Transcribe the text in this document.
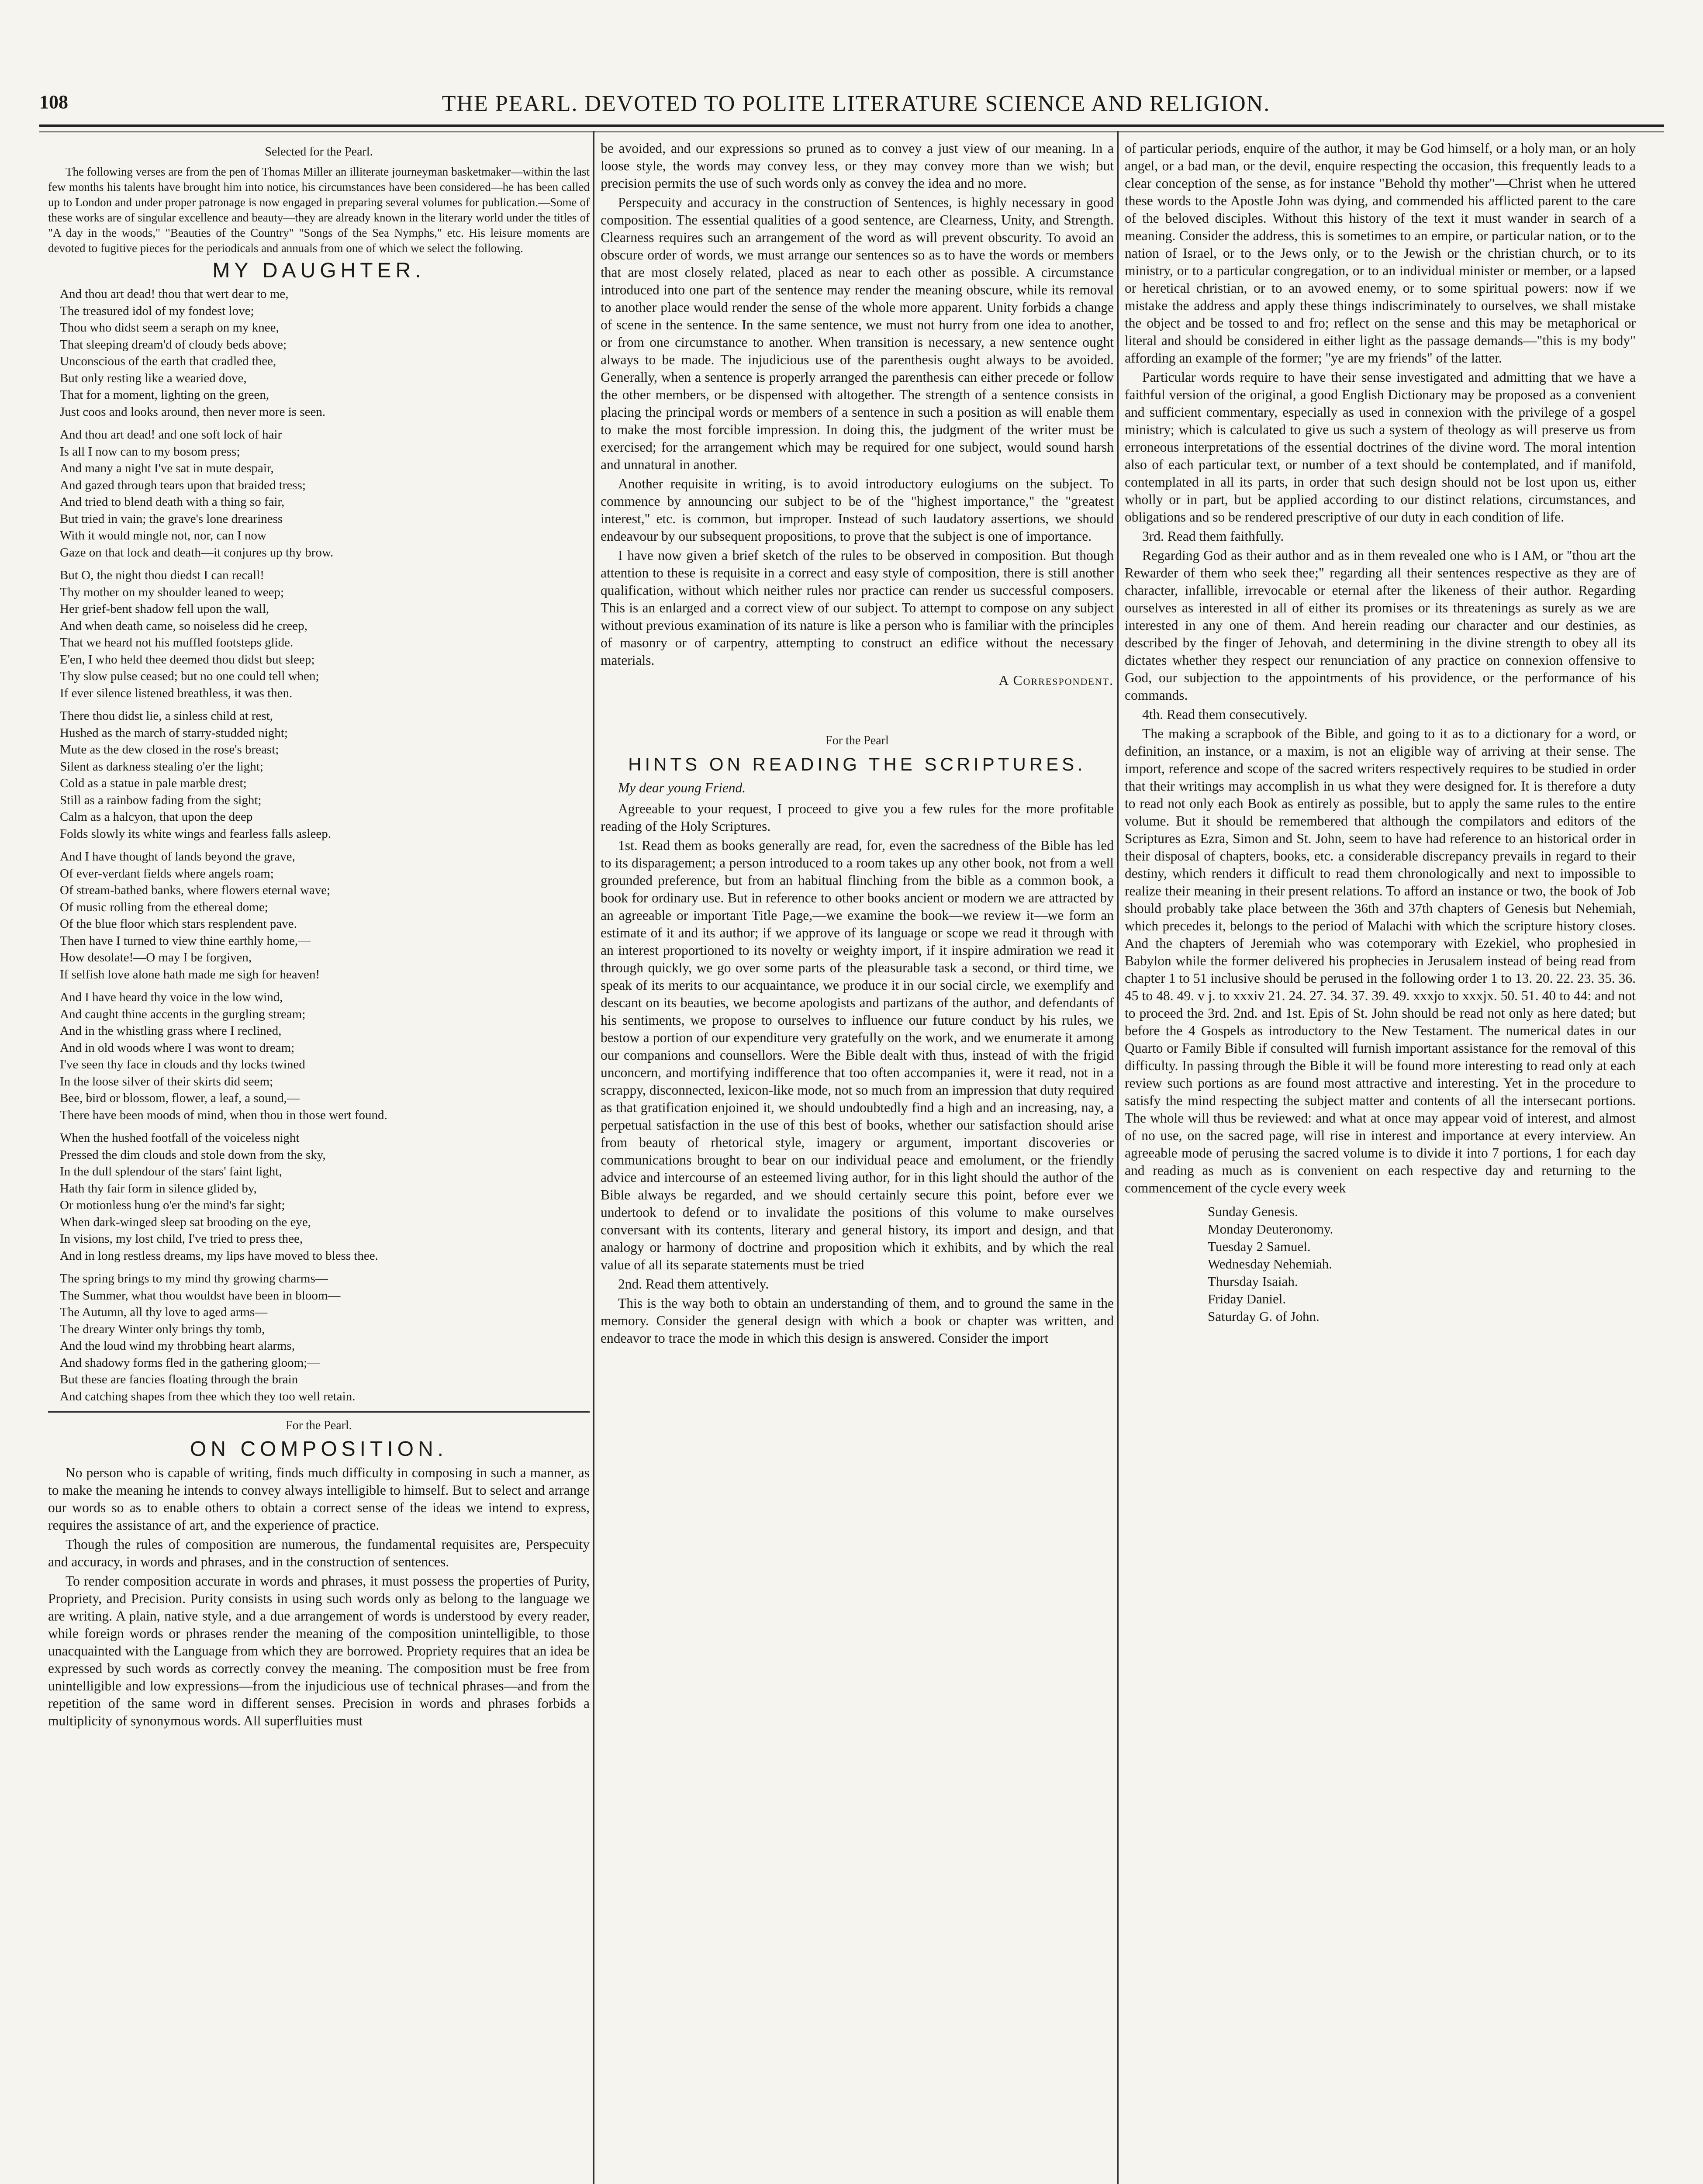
108	THE PEARL. DEVOTED TO POLITE LITERATURE SCIENCE AND RELIGION.
Selected for the Pearl.

The following verses are from the pen of Thomas Miller an illiterate journeyman basketmaker—within the last few months his talents have brought him into notice, his circumstances have been considered—he has been called up to London and under proper patronage is now engaged in preparing several volumes for publication.—Some of these works are of singular excellence and beauty—they are already known in the literary world under the titles of "A day in the woods," "Beauties of the Country" "Songs of the Sea Nymphs," etc. His leisure moments are devoted to fugitive pieces for the periodicals and annuals from one of which we select the following.

MY DAUGHTER.

And thou art dead! thou that wert dear to me,

The treasured idol of my fondest love;

Thou who didst seem a seraph on my knee,

That sleeping dream'd of cloudy beds above;

Unconscious of the earth that cradled thee,

But only resting like a wearied dove,

That for a moment, lighting on the green,

Just coos and looks around, then never more is seen.

And thou art dead! and one soft lock of hair

Is all I now can to my bosom press;

And many a night I've sat in mute despair,

And gazed through tears upon that braided tress;

And tried to blend death with a thing so fair,

But tried in vain; the grave's lone dreariness

With it would mingle not, nor, can I now

Gaze on that lock and death—it conjures up thy brow.

But O, the night thou diedst I can recall!

Thy mother on my shoulder leaned to weep;

Her grief-bent shadow fell upon the wall,

And when death came, so noiseless did he creep,

That we heard not his muffled footsteps glide.

E'en, I who held thee deemed thou didst but sleep;

Thy slow pulse ceased; but no one could tell when;

If ever silence listened breathless, it was then.

There thou didst lie, a sinless child at rest,

Hushed as the march of starry-studded night;

Mute as the dew closed in the rose's breast;

Silent as darkness stealing o'er the light;

Cold as a statue in pale marble drest;

Still as a rainbow fading from the sight;

Calm as a halcyon, that upon the deep

Folds slowly its white wings and fearless falls asleep.

And I have thought of lands beyond the grave,

Of ever-verdant fields where angels roam;

Of stream-bathed banks, where flowers eternal wave;

Of music rolling from the ethereal dome;

Of the blue floor which stars resplendent pave.

Then have I turned to view thine earthly home,—

How desolate!—O may I be forgiven,

If selfish love alone hath made me sigh for heaven!

And I have heard thy voice in the low wind,

And caught thine accents in the gurgling stream;

And in the whistling grass where I reclined,

And in old woods where I was wont to dream;

I've seen thy face in clouds and thy locks twined

In the loose silver of their skirts did seem;

Bee, bird or blossom, flower, a leaf, a sound,—

There have been moods of mind, when thou in those wert found.

When the hushed footfall of the voiceless night

Pressed the dim clouds and stole down from the sky,

In the dull splendour of the stars' faint light,

Hath thy fair form in silence glided by,

Or motionless hung o'er the mind's far sight;

When dark-winged sleep sat brooding on the eye,

In visions, my lost child, I've tried to press thee,

And in long restless dreams, my lips have moved to bless thee.

The spring brings to my mind thy growing charms—

The Summer, what thou wouldst have been in bloom—

The Autumn, all thy love to aged arms—

The dreary Winter only brings thy tomb,

And the loud wind my throbbing heart alarms,

And shadowy forms fled in the gathering gloom;—

But these are fancies floating through the brain

And catching shapes from thee which they too well retain.

For the Pearl.
ON COMPOSITION.

No person who is capable of writing, finds much difficulty in composing in such a manner, as to make the meaning he intends to convey always intelligible to himself. But to select and arrange our words so as to enable others to obtain a correct sense of the ideas we intend to express, requires the assistance of art, and the experience of practice.

Though the rules of composition are numerous, the fundamental requisites are, Perspecuity and accuracy, in words and phrases, and in the construction of sentences.

To render composition accurate in words and phrases, it must possess the properties of Purity, Propriety, and Precision. Purity consists in using such words only as belong to the language we are writing. A plain, native style, and a due arrangement of words is understood by every reader, while foreign words or phrases render the meaning of the composition unintelligible, to those unacquainted with the Language from which they are borrowed. Propriety requires that an idea be expressed by such words as correctly convey the meaning. The composition must be free from unintelligible and low expressions—from the injudicious use of technical phrases—and from the repetition of the same word in different senses. Precision in words and phrases forbids a multiplicity of synonymous words. All superfluities must

be avoided, and our expressions so pruned as to convey a just view of our meaning. In a loose style, the words may convey less, or they may convey more than we wish; but precision permits the use of such words only as convey the idea and no more.

Perspecuity and accuracy in the construction of Sentences, is highly necessary in good composition. The essential qualities of a good sentence, are Clearness, Unity, and Strength. Clearness requires such an arrangement of the word as will prevent obscurity. To avoid an obscure order of words, we must arrange our sentences so as to have the words or members that are most closely related, placed as near to each other as possible. A circumstance introduced into one part of the sentence may render the meaning obscure, while its removal to another place would render the sense of the whole more apparent. Unity forbids a change of scene in the sentence. In the same sentence, we must not hurry from one idea to another, or from one circumstance to another. When transition is necessary, a new sentence ought always to be made. The injudicious use of the parenthesis ought always to be avoided. Generally, when a sentence is properly arranged the parenthesis can either precede or follow the other members, or be dispensed with altogether. The strength of a sentence consists in placing the principal words or members of a sentence in such a position as will enable them to make the most forcible impression. In doing this, the judgment of the writer must be exercised; for the arrangement which may be required for one subject, would sound harsh and unnatural in another.

Another requisite in writing, is to avoid introductory eulogiums on the subject. To commence by announcing our subject to be of the "highest importance," the "greatest interest," etc. is common, but improper. Instead of such laudatory assertions, we should endeavour by our subsequent propositions, to prove that the subject is one of importance.

I have now given a brief sketch of the rules to be observed in composition. But though attention to these is requisite in a correct and easy style of composition, there is still another qualification, without which neither rules nor practice can render us successful composers. This is an enlarged and a correct view of our subject. To attempt to compose on any subject without previous examination of its nature is like a person who is familiar with the principles of masonry or of carpentry, attempting to construct an edifice without the necessary materials.

A Correspondent.
For the Pearl
HINTS ON READING THE SCRIPTURES.

My dear young Friend.

Agreeable to your request, I proceed to give you a few rules for the more profitable reading of the Holy Scriptures.

1st. Read them as books generally are read, for, even the sacredness of the Bible has led to its disparagement; a person introduced to a room takes up any other book, not from a well grounded preference, but from an habitual flinching from the bible as a common book, a book for ordinary use. But in reference to other books ancient or modern we are attracted by an agreeable or important Title Page,—we examine the book—we review it—we form an estimate of it and its author; if we approve of its language or scope we read it through with an interest proportioned to its novelty or weighty import, if it inspire admiration we read it through quickly, we go over some parts of the pleasurable task a second, or third time, we speak of its merits to our acquaintance, we produce it in our social circle, we exemplify and descant on its beauties, we become apologists and partizans of the author, and defendants of his sentiments, we propose to ourselves to influence our future conduct by his rules, we bestow a portion of our expenditure very gratefully on the work, and we enumerate it among our companions and counsellors. Were the Bible dealt with thus, instead of with the frigid unconcern, and mortifying indifference that too often accompanies it, were it read, not in a scrappy, disconnected, lexicon-like mode, not so much from an impression that duty required as that gratification enjoined it, we should undoubtedly find a high and an increasing, nay, a perpetual satisfaction in the use of this best of books, whether our satisfaction should arise from beauty of rhetorical style, imagery or argument, important discoveries or communications brought to bear on our individual peace and emolument, or the friendly advice and intercourse of an esteemed living author, for in this light should the author of the Bible always be regarded, and we should certainly secure this point, before ever we undertook to defend or to invalidate the positions of this volume to make ourselves conversant with its contents, literary and general history, its import and design, and that analogy or harmony of doctrine and proposition which it exhibits, and by which the real value of all its separate statements must be tried

2nd. Read them attentively.

This is the way both to obtain an understanding of them, and to ground the same in the memory. Consider the general design with which a book or chapter was written, and endeavor to trace the mode in which this design is answered. Consider the import

of particular periods, enquire of the author, it may be God himself, or a holy man, or an holy angel, or a bad man, or the devil, enquire respecting the occasion, this frequently leads to a clear conception of the sense, as for instance "Behold thy mother"—Christ when he uttered these words to the Apostle John was dying, and commended his afflicted parent to the care of the beloved disciples. Without this history of the text it must wander in search of a meaning. Consider the address, this is sometimes to an empire, or particular nation, or to the nation of Israel, or to the Jews only, or to the Jewish or the christian church, or to its ministry, or to a particular congregation, or to an individual minister or member, or a lapsed or heretical christian, or to an avowed enemy, or to some spiritual powers: now if we mistake the address and apply these things indiscriminately to ourselves, we shall mistake the object and be tossed to and fro; reflect on the sense and this may be metaphorical or literal and should be considered in either light as the passage demands—"this is my body" affording an example of the former; "ye are my friends" of the latter.

Particular words require to have their sense investigated and admitting that we have a faithful version of the original, a good English Dictionary may be proposed as a convenient and sufficient commentary, especially as used in connexion with the privilege of a gospel ministry; which is calculated to give us such a system of theology as will preserve us from erroneous interpretations of the essential doctrines of the divine word. The moral intention also of each particular text, or number of a text should be contemplated, and if manifold, contemplated in all its parts, in order that such design should not be lost upon us, either wholly or in part, but be applied according to our distinct relations, circumstances, and obligations and so be rendered prescriptive of our duty in each condition of life.

3rd. Read them faithfully.

Regarding God as their author and as in them revealed one who is I AM, or "thou art the Rewarder of them who seek thee;" regarding all their sentences respective as they are of character, infallible, irrevocable or eternal after the likeness of their author. Regarding ourselves as interested in all of either its promises or its threatenings as surely as we are interested in any one of them. And herein reading our character and our destinies, as described by the finger of Jehovah, and determining in the divine strength to obey all its dictates whether they respect our renunciation of any practice on connexion offensive to God, our subjection to the appointments of his providence, or the performance of his commands.

4th. Read them consecutively.

The making a scrapbook of the Bible, and going to it as to a dictionary for a word, or definition, an instance, or a maxim, is not an eligible way of arriving at their sense. The import, reference and scope of the sacred writers respectively requires to be studied in order that their writings may accomplish in us what they were designed for. It is therefore a duty to read not only each Book as entirely as possible, but to apply the same rules to the entire volume. But it should be remembered that although the compilators and editors of the Scriptures as Ezra, Simon and St. John, seem to have had reference to an historical order in their disposal of chapters, books, etc. a considerable discrepancy prevails in regard to their destiny, which renders it difficult to read them chronologically and next to impossible to realize their meaning in their present relations. To afford an instance or two, the book of Job should probably take place between the 36th and 37th chapters of Genesis but Nehemiah, which precedes it, belongs to the period of Malachi with which the scripture history closes. And the chapters of Jeremiah who was cotemporary with Ezekiel, who prophesied in Babylon while the former delivered his prophecies in Jerusalem instead of being read from chapter 1 to 51 inclusive should be perused in the following order 1 to 13. 20. 22. 23. 35. 36. 45 to 48. 49. v j. to xxxiv 21. 24. 27. 34. 37. 39. 49. xxxjo to xxxjx. 50. 51. 40 to 44: and not to proceed the 3rd. 2nd. and 1st. Epis of St. John should be read not only as here dated; but before the 4 Gospels as introductory to the New Testament. The numerical dates in our Quarto or Family Bible if consulted will furnish important assistance for the removal of this difficulty. In passing through the Bible it will be found more interesting to read only at each review such portions as are found most attractive and interesting. Yet in the procedure to satisfy the mind respecting the subject matter and contents of all the intersecant portions. The whole will thus be reviewed: and what at once may appear void of interest, and almost of no use, on the sacred page, will rise in interest and importance at every interview. An agreeable mode of perusing the sacred volume is to divide it into 7 portions, 1 for each day and reading as much as is convenient on each respective day and returning to the commencement of the cycle every week

Sunday Genesis.
Monday Deuteronomy.
Tuesday 2 Samuel.
Wednesday Nehemiah.
Thursday Isaiah.
Friday Daniel.
Saturday G. of John.
